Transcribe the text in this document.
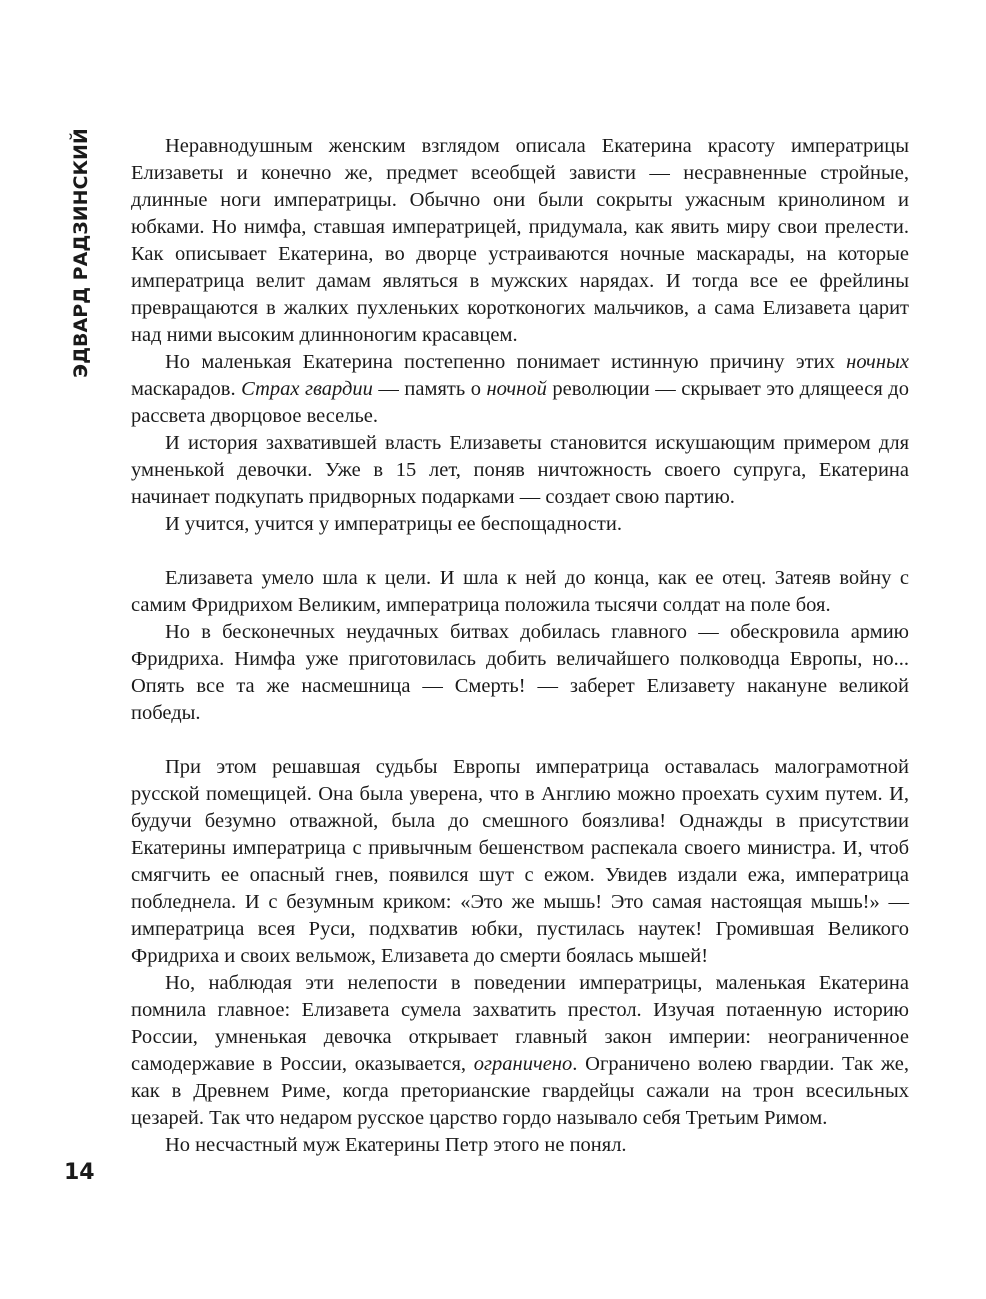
ЭДВАРД РАДЗИНСКИЙ
14

Неравнодушным женским взглядом описала Екатерина красоту императрицы Елизаветы и конечно же, предмет всеобщей зависти — несравненные стройные, длинные ноги императрицы. Обычно они были сокрыты ужасным кринолином и юбками. Но нимфа, ставшая императрицей, придумала, как явить миру свои прелести. Как описывает Екатерина, во дворце устраиваются ночные маскарады, на которые императрица велит дамам являться в мужских нарядах. И тогда все ее фрейлины превращаются в жалких пухленьких коротконогих мальчиков, а сама Елизавета царит над ними высоким длинноногим красавцем.

Но маленькая Екатерина постепенно понимает истинную причину этих ночных маскарадов. Страх гвардии — память о ночной революции — скрывает это длящееся до рассвета дворцовое веселье.

И история захватившей власть Елизаветы становится искушающим примером для умненькой девочки. Уже в 15 лет, поняв ничтожность своего супруга, Екатерина начинает подкупать придворных подарками — создает свою партию.

И учится, учится у императрицы ее беспощадности.

Елизавета умело шла к цели. И шла к ней до конца, как ее отец. Затеяв войну с самим Фридрихом Великим, императрица положила тысячи солдат на поле боя.

Но в бесконечных неудачных битвах добилась главного — обескровила армию Фридриха. Нимфа уже приготовилась добить величайшего полководца Европы, но... Опять все та же насмешница — Смерть! — заберет Елизавету накануне великой победы.

При этом решавшая судьбы Европы императрица оставалась малограмотной русской помещицей. Она была уверена, что в Англию можно проехать сухим путем. И, будучи безумно отважной, была до смешного боязлива! Однажды в присутствии Екатерины императрица с привычным бешенством распекала своего министра. И, чтоб смягчить ее опасный гнев, появился шут с ежом. Увидев издали ежа, императрица побледнела. И с безумным криком: «Это же мышь! Это самая настоящая мышь!» — императрица всея Руси, подхватив юбки, пустилась наутек! Громившая Великого Фридриха и своих вельмож, Елизавета до смерти боялась мышей!

Но, наблюдая эти нелепости в поведении императрицы, маленькая Екатерина помнила главное: Елизавета сумела захватить престол. Изучая потаенную историю России, умненькая девочка открывает главный закон империи: неограниченное самодержавие в России, оказывается, ограничено. Ограничено волею гвардии. Так же, как в Древнем Риме, когда преторианские гвардейцы сажали на трон всесильных цезарей. Так что недаром русское царство гордо называло себя Третьим Римом.

Но несчастный муж Екатерины Петр этого не понял.
